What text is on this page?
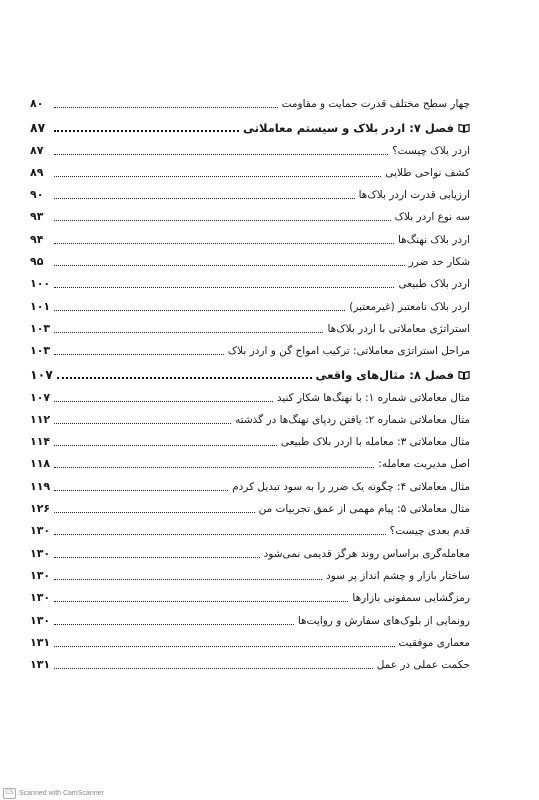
چهار سطح مختلف قدرت حمایت و مقاومت
۸۰
فصل ۷: اردر بلاک و سیستم معاملاتی
۸۷
اردر بلاک چیست؟
۸۷
کشف نواحی طلایی
۸۹
ارزیابی قدرت اردر بلاک‌ها
۹۰
سه نوع اردر بلاک
۹۳
اردر بلاک نهنگ‌ها
۹۴
شکار حد ضرر
۹۵
اردر بلاک طبیعی
۱۰۰
اردر بلاک نامعتبر (غیرمعتبر)
۱۰۱
استراتژی معاملاتی با اردر بلاک‌ها
۱۰۳
مراحل استراتژی معاملاتی: ترکیب امواج گن و اردر بلاک
۱۰۳
فصل ۸: مثال‌های واقعی
۱۰۷
مثال معاملاتی شماره ۱: با نهنگ‌ها شکار کنید
۱۰۷
مثال معاملاتی شماره ۲: یافتن ردپای نهنگ‌ها در گذشته
۱۱۲
مثال معاملاتی ۳: معامله با اردر بلاک طبیعی
۱۱۴
اصل مدیریت معامله:
۱۱۸
مثال معاملاتی ۴: چگونه یک ضرر را به سود تبدیل کردم
۱۱۹
مثال معاملاتی ۵: پیام مهمی از عمق تجربیات من
۱۲۶
قدم بعدی چیست؟
۱۳۰
معامله‌گری براساس روند هرگز قدیمی نمی‌شود
۱۳۰
ساختار بازار و چشم انداز پر سود
۱۳۰
رمزگشایی سمفونی بازارها
۱۳۰
رونمایی از بلوک‌های سفارش و روایت‌ها
۱۳۰
معماری موفقیت
۱۳۱
حکمت عملی در عمل
۱۳۱
CS Scanned with CamScanner
